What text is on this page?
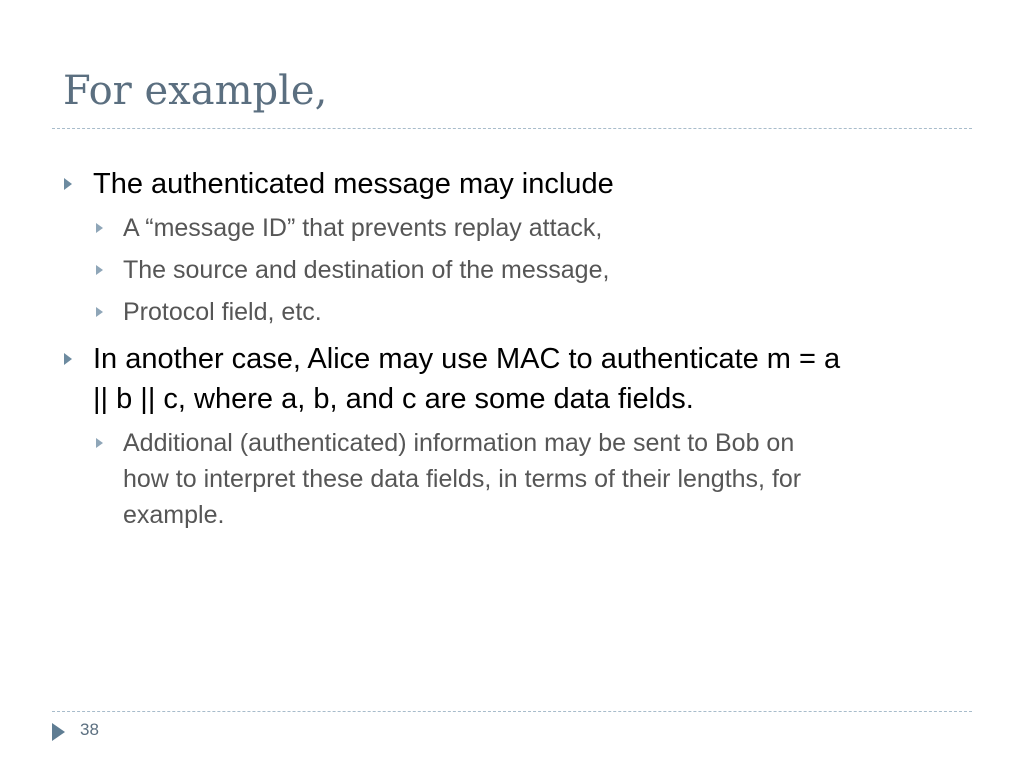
For example,
The authenticated message may include
A “message ID” that prevents replay attack,
The source and destination of the message,
Protocol field, etc.
In another case, Alice may use MAC to authenticate m = a
|| b || c, where a, b, and c are some data fields.
Additional (authenticated) information may be sent to Bob on
how to interpret these data fields, in terms of their lengths, for
example.
38
